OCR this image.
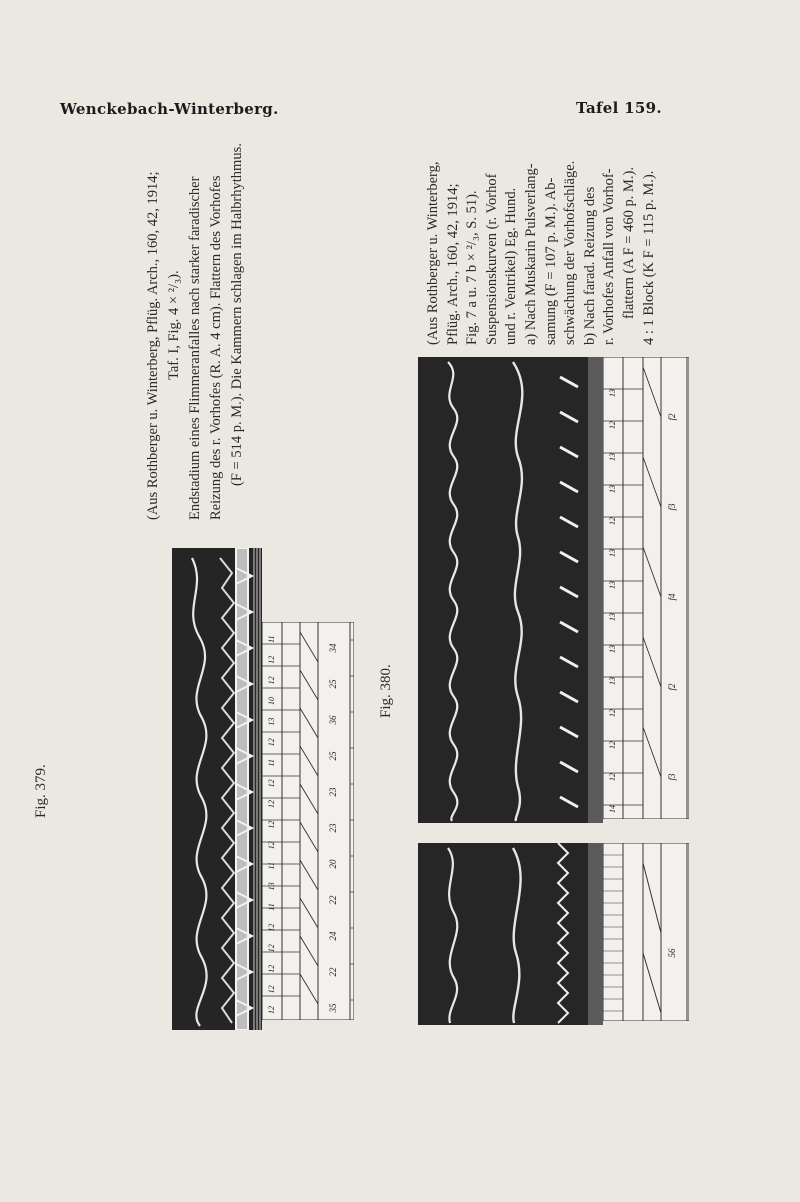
Wenckebach-Winterberg.	Tafel 159.
Fig. 379.
(Aus Rothberger u. Winterberg, Pflüg. Arch., 160, 42, 1914; Taf. I, Fig. 4 × ²/₃). Endstadium eines Flimmeranfalles nach starker faradischer Reizung des r. Vorhofes (R. A. 4 cm). Flattern des Vorhofes (F = 514 p. M.). Die Kammern schlagen im Halbrhythmus.
Fig. 380.
(Aus Rothberger u. Winterberg, Pflüg. Arch., 160, 42, 1914; Fig. 7 a u. 7 b × ²/₃, S. 51). Suspensionskurven (r. Vorhof und r. Ventrikel) Eg. Hund. a) Nach Muskarin Pulsverlang- samung (F = 107 p. M.). Ab- schwächung der Vorhofschläge. b) Nach farad. Reizung des r. Vorhofes Anfall von Vorhof- flattern (A F = 460 p. M.). 4 : 1 Block (K F = 115 p. M.).
12
12
12
12
12
11
13
11
12
12
12
12
11
12
13
10
12
12
11
35
22
24
22
20
23
23
25
36
25
34
14
12
12
12
13
13
13
13
13
12
13
13
12
13
f3
f2
f4
f3
f2
56
